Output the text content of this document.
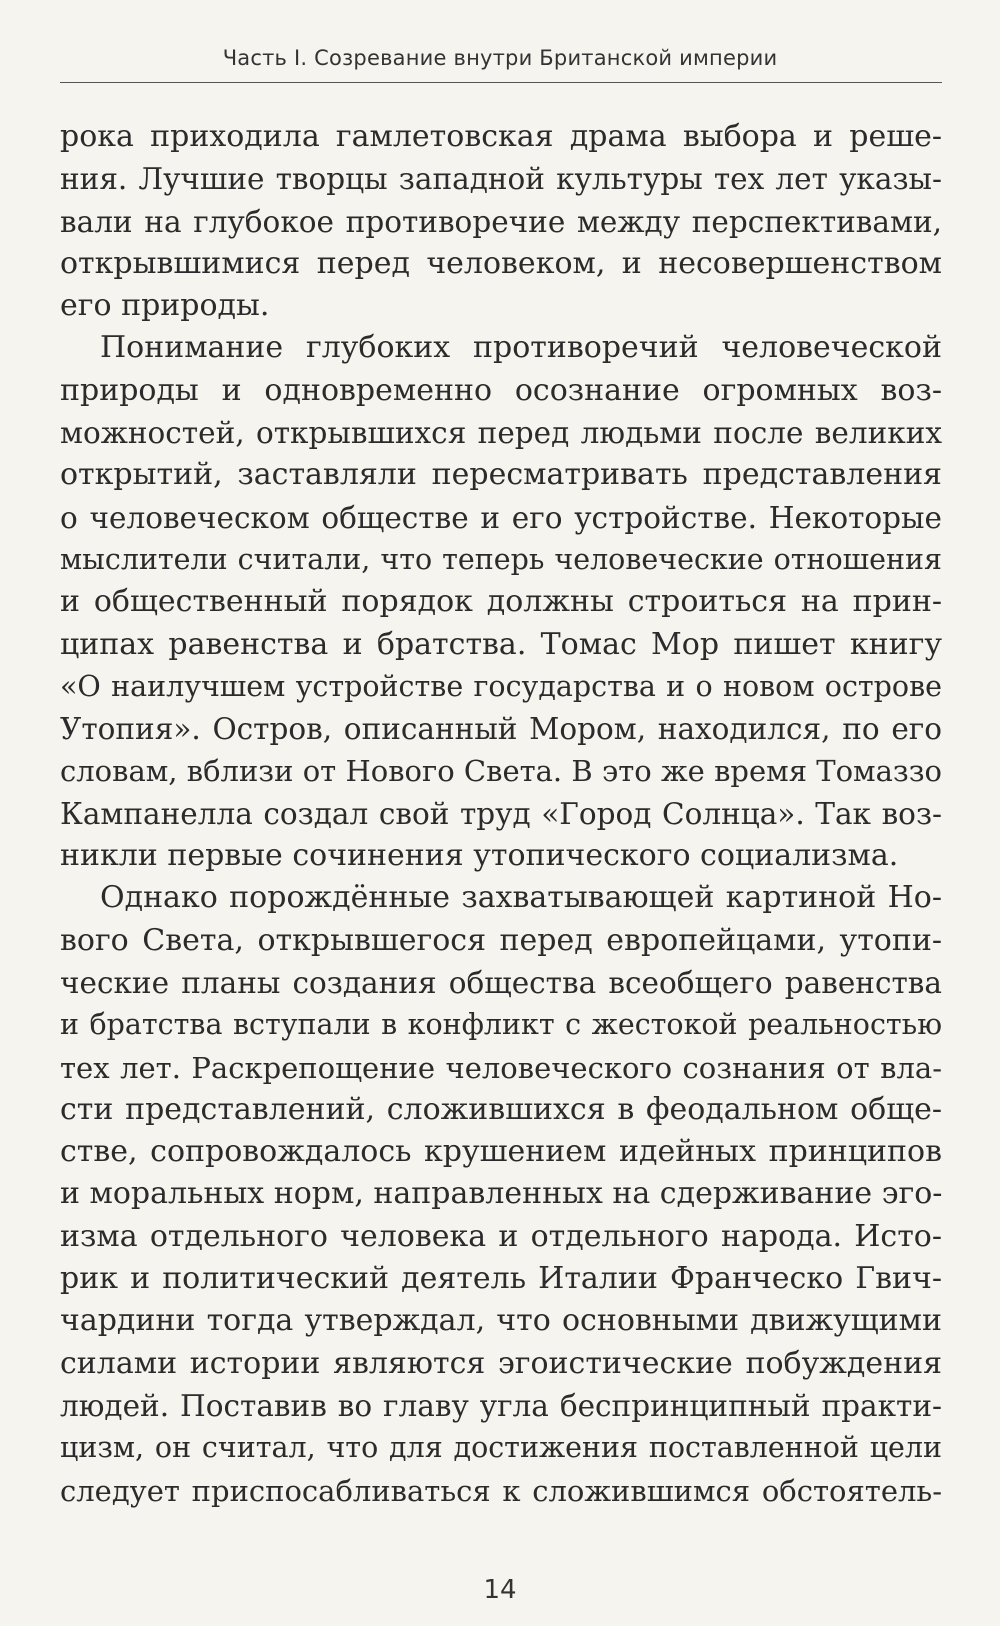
Часть I. Созревание внутри Британской империи
рока приходила гамлетовская драма выбора и реше-
ния. Лучшие творцы западной культуры тех лет указы-
вали на глубокое противоречие между перспективами,
открывшимися перед человеком, и несовершенством
его природы.
Понимание глубоких противоречий человеческой
природы и одновременно осознание огромных воз-
можностей, открывшихся перед людьми после великих
открытий, заставляли пересматривать представления
о человеческом обществе и его устройстве. Некоторые
мыслители считали, что теперь человеческие отношения
и общественный порядок должны строиться на прин-
ципах равенства и братства. Томас Мор пишет книгу
«О наилучшем устройстве государства и о новом острове
Утопия». Остров, описанный Мором, находился, по его
словам, вблизи от Нового Света. В это же время Томаззо
Кампанелла создал свой труд «Город Солнца». Так воз-
никли первые сочинения утопического социализма.
Однако порождённые захватывающей картиной Но-
вого Света, открывшегося перед европейцами, утопи-
ческие планы создания общества всеобщего равенства
и братства вступали в конфликт с жестокой реальностью
тех лет. Раскрепощение человеческого сознания от вла-
сти представлений, сложившихся в феодальном обще-
стве, сопровождалось крушением идейных принципов
и моральных норм, направленных на сдерживание эго-
изма отдельного человека и отдельного народа. Исто-
рик и политический деятель Италии Франческо Гвич-
чардини тогда утверждал, что основными движущими
силами истории являются эгоистические побуждения
людей. Поставив во главу угла беспринципный практи-
цизм, он считал, что для достижения поставленной цели
следует приспосабливаться к сложившимся обстоятель-
14
